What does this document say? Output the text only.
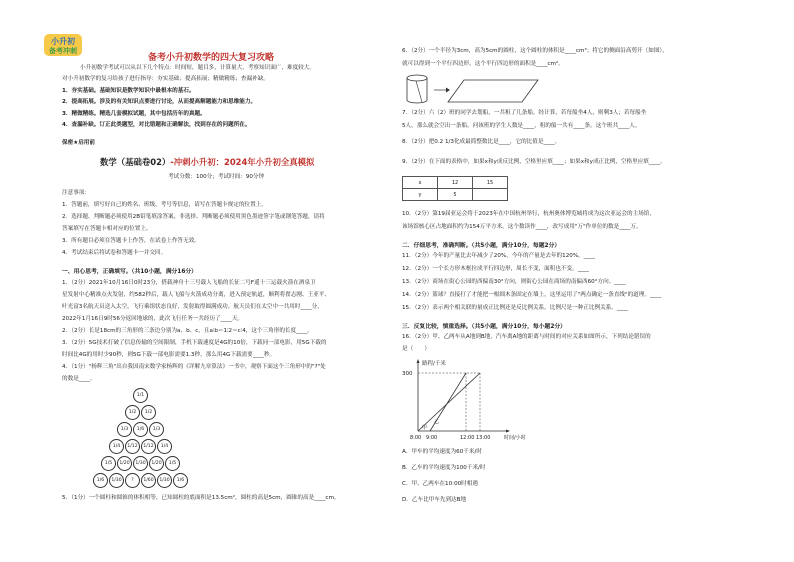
小升初
备考冲刺
备考小升初数学的四大复习攻略
小升初数学考试可以从以下几个特点：时间短，题目多，计算量大，考察知识面广，难度较大。
对小升初数学的复习给孩子进行指导：夯实基础；提高拓展；精做精练；查漏补缺。
1．夯实基础。基础知识是数学知识中最根本的基石。
2．提高拓展。涉及的有关知识点要进行讨论，从而提高解题能力和思维能力。
3．精做精练。精选几套模拟试题，其中包括历年的真题。
4．查漏补缺。订正此类题型，对比错题和正确解法，找到存在的问题所在。
保密★启用前
数学（基础卷02）-冲刺小升初：2024年小升初全真模拟
考试分数：100分；考试时间：90分钟
注意事项：
1．答题前，填写好自己的姓名、班级、考号等信息，请写在答题卡规定的位置上。
2．选择题、判断题必须使用2B铅笔填涂答案，非选择、判断题必须使用黑色墨迹签字笔或钢笔答题，请将
答案填写在答题卡相对应的位置上。
3．所有题目必须在答题卡上作答，在试卷上作答无效。
4．考试结束后将试卷和答题卡一并交回。
一、用心思考，正确填写。（共10小题，满分16分）
1．（2分）2021年10月16日0时23分，搭载神舟十三号载人飞船的长征二号F遥十三运载火箭在酒泉卫
星发射中心精准点火发射，约582秒后，载人飞船与火箭成功分离，进入预定轨道，顺利将翟志刚、王亚平、
叶光富3名航天员送入太空，飞行乘组状态良好，发射取得圆满成功。航天员们在太空中一共用时____分，
2022年1月16日9时56分返回地球的，此次飞行任务一共经历了____天。
2．（2分）长是18cm的三角形的三条边分别为a、b、c，且a∶b＝1∶2＝c∶4，这个三角形的长度____。
3．（2分）5G技术打破了信息传输的空间限制，手机下载速度是4G的10倍，下载同一部电影，用5G下载的
时间比4G的用时少90秒，则5G下载一部电影需要1.3秒，那么用4G下载需要____秒。
4．（1分）"杨辉三角"出自我国南宋数学家杨辉的《详解九章算法》一书中，观察下面这个三角形中的"?"处
的数是____。
1/1
1/2	1/2
1/3	1/6	1/3
1/4	1/12	1/12	1/4
1/5	1/20	1/30	1/20	1/5
1/6	1/30	?	1/60	1/30	1/6
5．（1分）一个圆柱和圆锥的体积相等，已知圆柱的底面积是13.5cm²，圆柱的高是5cm，圆锥的高是____cm。
6．（2分）一个半径为3cm，高为5cm的圆柱，这个圆柱的体积是____cm³；将它的侧面沿高剪开（如图），
就可以得到一个平行四边形，这个平行四边形的面积是____cm²。
7．（2分）六（2）班的同学去划船，一共租了几条船。经计算，若每船坐4人，则剩3人；若每船坐
5人，那么就会空出一条船，问该班的学生人数是____，租的船一共有____条。这个班共____人。
8．（2分）把0.2 1/3化成最简整数比是____，它的比值是____。
9．（2分）在下面的表格中，如果x和y成反比例，空格里应填____；如果x和y成正比例，空格里应填____。
x	12	15
y	5	
10．（2分）第19届亚运会将于2023年在中国杭州举行，杭州奥体博览城将成为这次亚运会的主场馆，
该场馆核心区占地面积约为154万平方米，这个数读作____，改写成用"万"作单位的数是____万。
二．仔细思考，准确判断。（共5小题，满分10分，每题2分）
11．（2分）今年的产量比去年减少了20%，今年的产量是去年的120%。____
12．（2分）一个长方形木框拉成平行四边形，周长不变，面积也不变。____
13．（2分）商场在街心公园的西偏南30°方向，则街心公园在商场的南偏西60°方向。____
14．（2分）篮球？直接打了才能把一根细木条固定在墙上，这里运用了"两点确定一条直线"的道理。____
15．（2分）表示两个相关联的量成正比例还是反比例关系，比例尺是一种正比例关系。____
三．反复比较，慎重选择。（共5小题，满分10分，每小题2分）
16．（2分）甲、乙两车从A地到B地，汽车离A地的距离与时间的对应关系如图所示，下列结论错误的
是（　　）
路程/千米
300
甲
乙
8:00 9:00	12:00 13:00	时间/小时
A．甲车的平均速度为60千米/时
B．乙车的平均速度为100千米/时
C．甲、乙两车在10:00时相遇
D．乙车比甲车先到达B地
